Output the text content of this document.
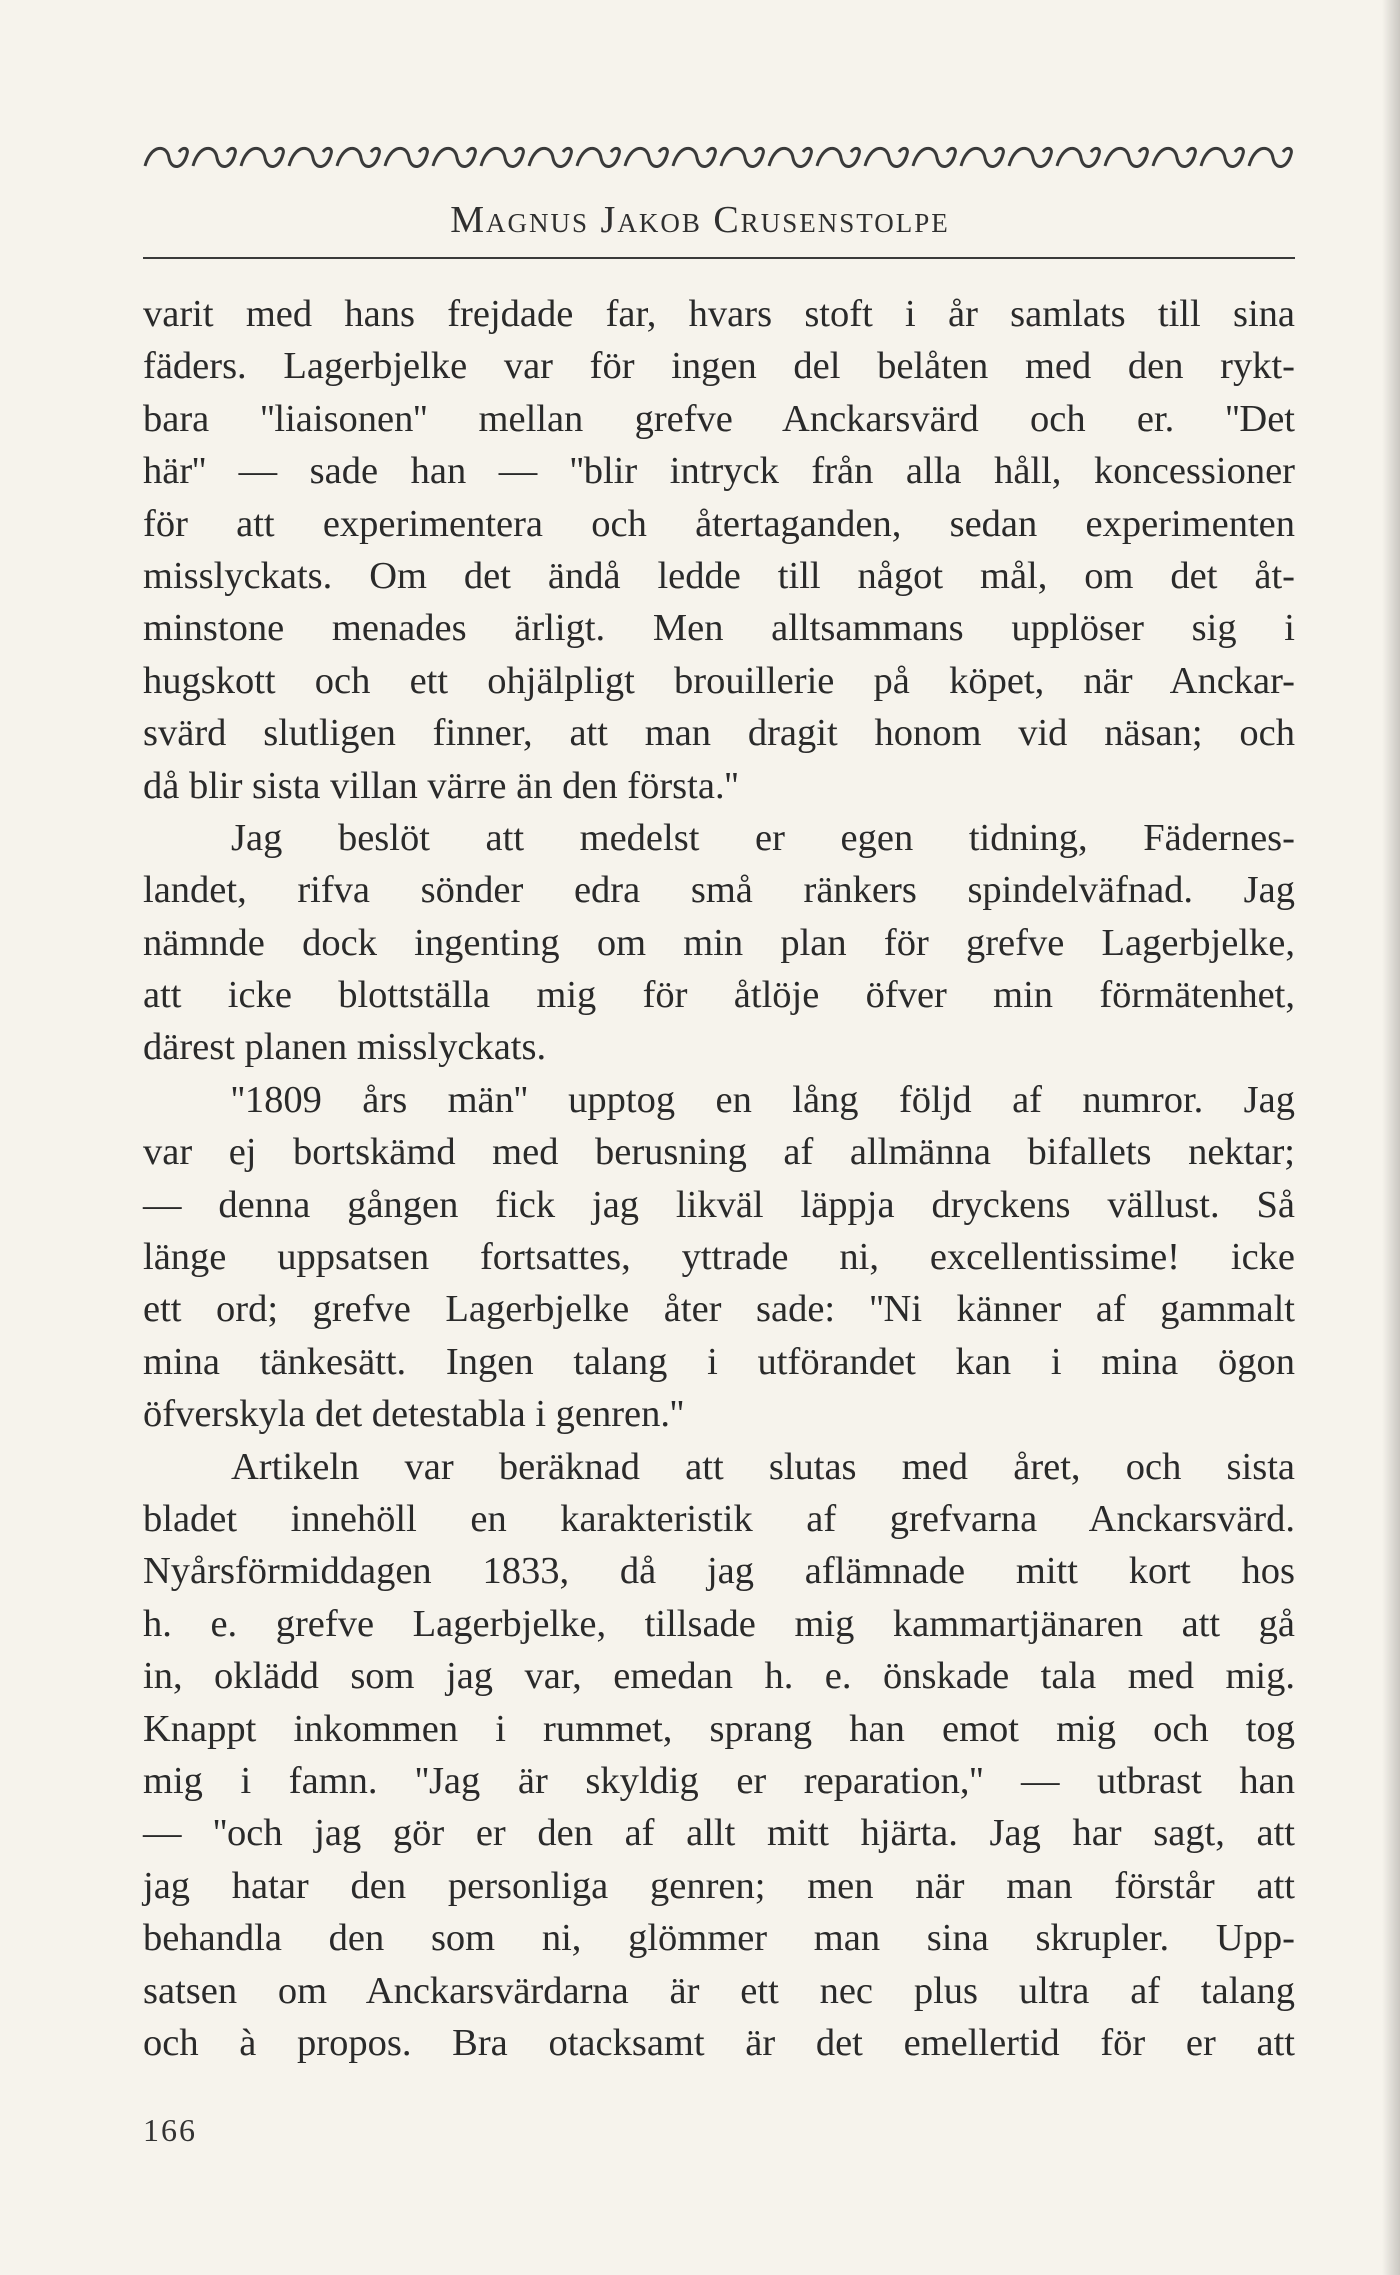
Magnus Jakob Crusenstolpe
varit med hans frejdade far, hvars stoft i år samlats till sina
fäders. Lagerbjelke var för ingen del belåten med den rykt-
bara ''liaisonen'' mellan grefve Anckarsvärd och er. ''Det
här'' — sade han — ''blir intryck från alla håll, koncessioner
för att experimentera och återtaganden, sedan experimenten
misslyckats. Om det ändå ledde till något mål, om det åt-
minstone menades ärligt. Men alltsammans upplöser sig i
hugskott och ett ohjälpligt brouillerie på köpet, när Anckar-
svärd slutligen finner, att man dragit honom vid näsan; och
då blir sista villan värre än den första.''
Jag beslöt att medelst er egen tidning, Fädernes-
landet, rifva sönder edra små ränkers spindelväfnad. Jag
nämnde dock ingenting om min plan för grefve Lagerbjelke,
att icke blottställa mig för åtlöje öfver min förmätenhet,
därest planen misslyckats.
''1809 års män'' upptog en lång följd af numror. Jag
var ej bortskämd med berusning af allmänna bifallets nektar;
— denna gången fick jag likväl läppja dryckens vällust. Så
länge uppsatsen fortsattes, yttrade ni, excellentissime! icke
ett ord; grefve Lagerbjelke åter sade: ''Ni känner af gammalt
mina tänkesätt. Ingen talang i utförandet kan i mina ögon
öfverskyla det detestabla i genren.''
Artikeln var beräknad att slutas med året, och sista
bladet innehöll en karakteristik af grefvarna Anckarsvärd.
Nyårsförmiddagen 1833, då jag aflämnade mitt kort hos
h. e. grefve Lagerbjelke, tillsade mig kammartjänaren att gå
in, oklädd som jag var, emedan h. e. önskade tala med mig.
Knappt inkommen i rummet, sprang han emot mig och tog
mig i famn. ''Jag är skyldig er reparation,'' — utbrast han
— ''och jag gör er den af allt mitt hjärta. Jag har sagt, att
jag hatar den personliga genren; men när man förstår att
behandla den som ni, glömmer man sina skrupler. Upp-
satsen om Anckarsvärdarna är ett nec plus ultra af talang
och à propos. Bra otacksamt är det emellertid för er att
166
